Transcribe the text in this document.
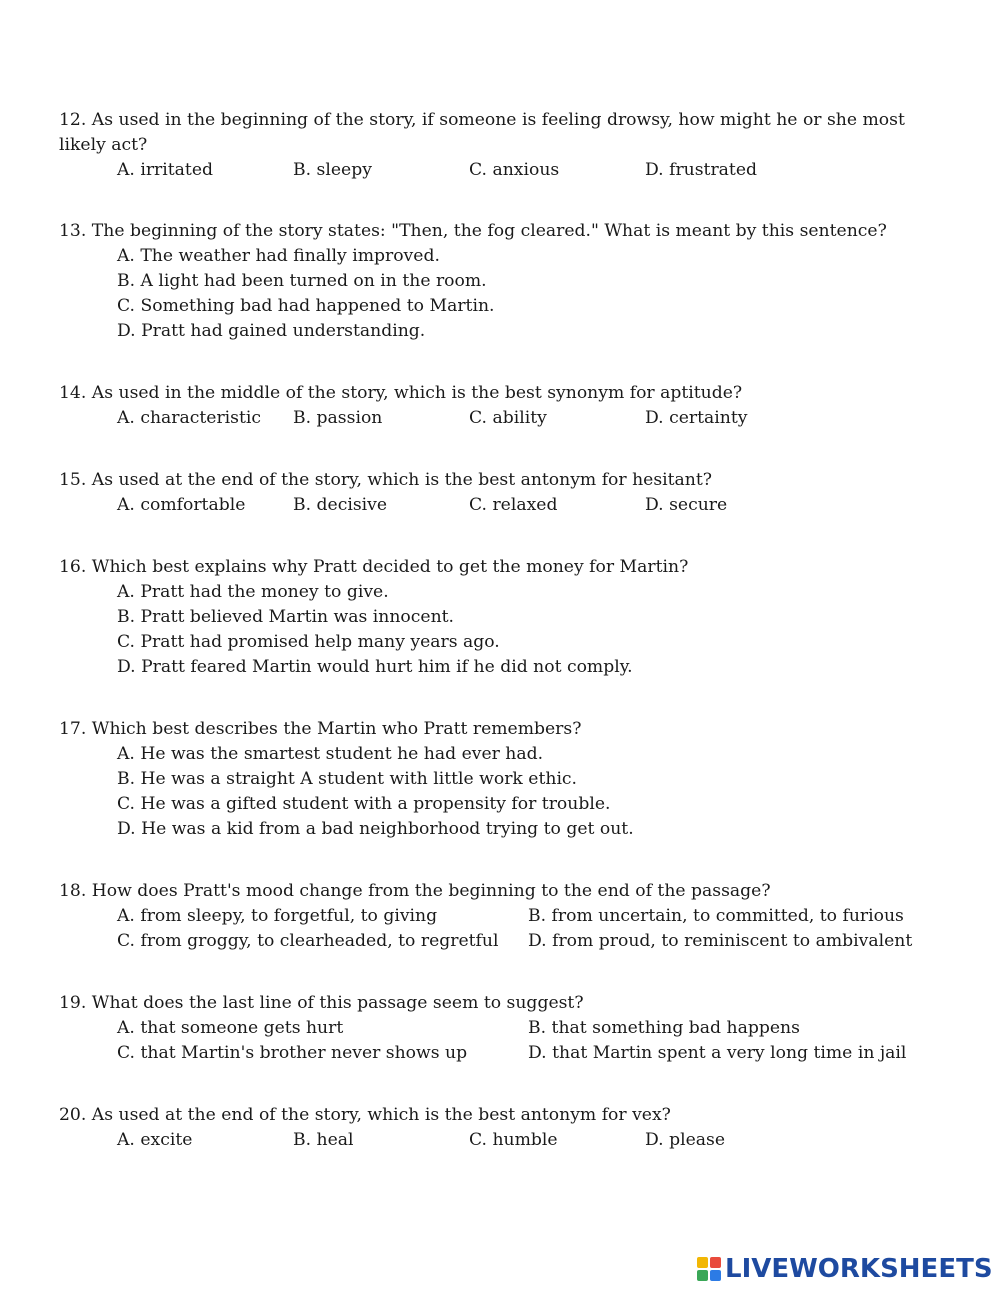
12. As used in the beginning of the story, if someone is feeling drowsy, how might he or she most likely act?

A. irritated	B. sleepy	C. anxious	D. frustrated

13. The beginning of the story states: "Then, the fog cleared." What is meant by this sentence?

A. The weather had finally improved.
B. A light had been turned on in the room.
C. Something bad had happened to Martin.
D. Pratt had gained understanding.

14. As used in the middle of the story, which is the best synonym for aptitude?

A. characteristic B. passion	C. ability	D. certainty

15. As used at the end of the story, which is the best antonym for hesitant?

A. comfortable	B. decisive	C. relaxed	D. secure

16. Which best explains why Pratt decided to get the money for Martin?

A. Pratt had the money to give.
B. Pratt believed Martin was innocent.
C. Pratt had promised help many years ago.
D. Pratt feared Martin would hurt him if he did not comply.

17. Which best describes the Martin who Pratt remembers?

A. He was the smartest student he had ever had.
B. He was a straight A student with little work ethic.
C. He was a gifted student with a propensity for trouble.
D. He was a kid from a bad neighborhood trying to get out.

18. How does Pratt's mood change from the beginning to the end of the passage?

A. from sleepy, to forgetful, to giving	B. from uncertain, to committed, to furious
C. from groggy, to clearheaded, to regretful D. from proud, to reminiscent to ambivalent

19. What does the last line of this passage seem to suggest?

A. that someone gets hurt	B. that something bad happens
C. that Martin's brother never shows up	D. that Martin spent a very long time in jail

20. As used at the end of the story, which is the best antonym for vex?

A. excite	B. heal	C. humble	D. please
LIVEWORKSHEETS
